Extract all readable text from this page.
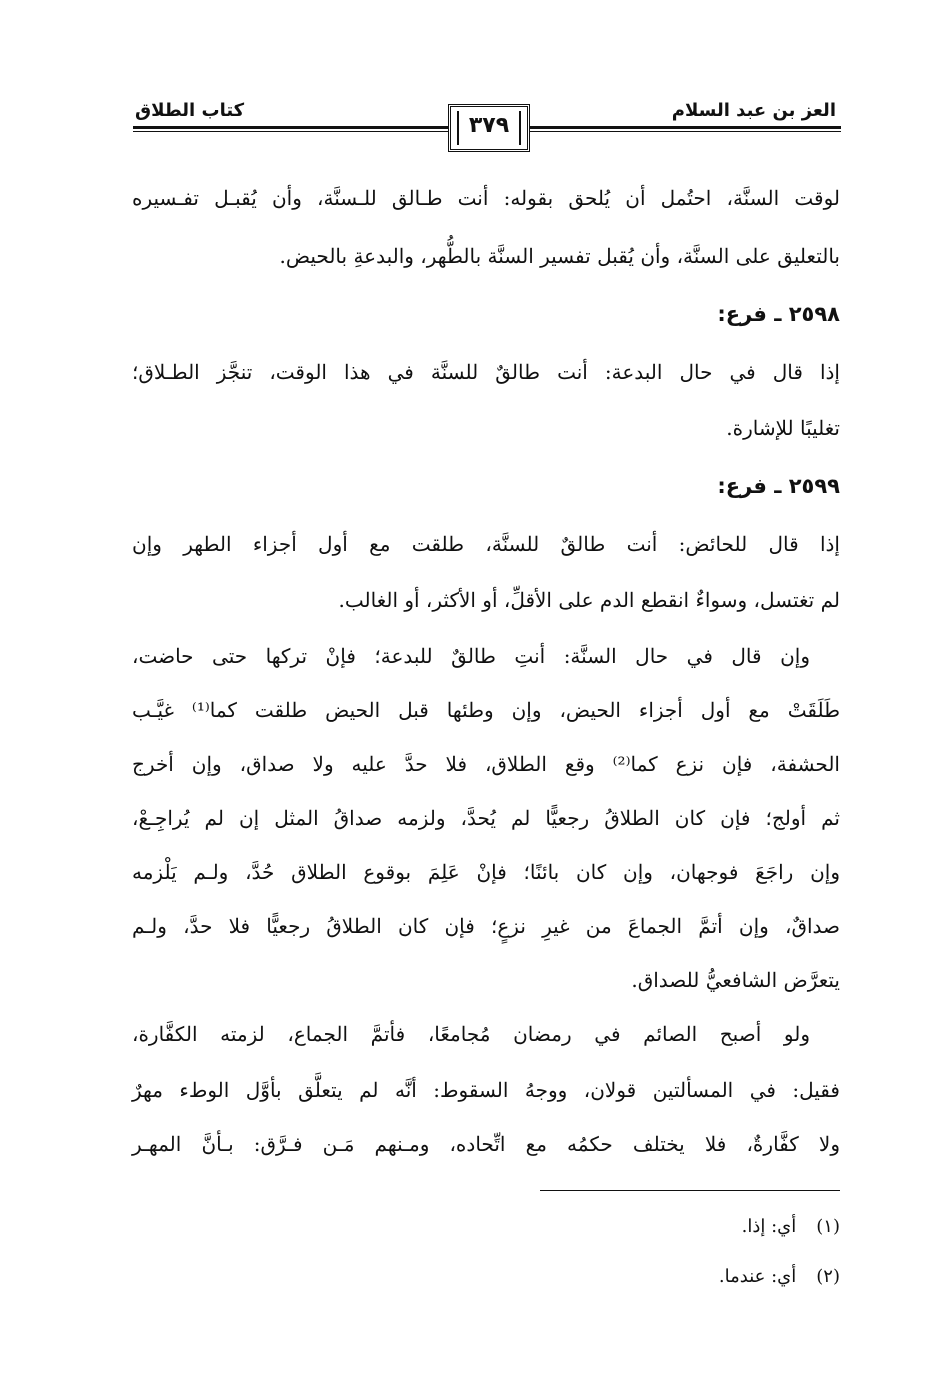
العز بن عبد السلام
كتاب الطلاق
٣٧٩
لوقت السنَّة، احتُمل أن يُلحق بقوله: أنت طـالق للـسنَّة، وأن يُقبـل تفـسيره
بالتعليق على السنَّة، وأن يُقبل تفسير السنَّة بالطُّهر، والبدعةِ بالحيض.
٢٥٩٨ ـ فرع:
إذا قال في حال البدعة: أنت طالقٌ للسنَّة في هذا الوقت، تنجَّز الطـلاق؛
تغليبًا للإشارة.
٢٥٩٩ ـ فرع:
إذا قال للحائض: أنت طالقٌ للسنَّة، طلقت مع أول أجزاء الطهر وإن
لم تغتسل، وسواءٌ انقطع الدم على الأقلِّ، أو الأكثر، أو الغالب.
وإن قال في حال السنَّة: أنتِ طالقٌ للبدعة؛ فإنْ تركها حتى حاضت،
طَلَقَتْ مع أول أجزاء الحيض، وإن وطئها قبل الحيض طلقت كما⁽¹⁾ غيَّـب
الحشفة، فإن نزع كما⁽²⁾ وقع الطلاق، فلا حدَّ عليه ولا صداق، وإن أخرج
ثم أولج؛ فإن كان الطلاقُ رجعيًّا لم يُحدَّ، ولزمه صداقُ المثل إن لم يُراجِـعْ،
وإن راجَعَ فوجهان، وإن كان بائنًا؛ فإنْ عَلِمَ بوقوع الطلاق حُدَّ، ولـم يَلْزمه
صداقٌ، وإن أتمَّ الجماعَ من غيرِ نزعٍ؛ فإن كان الطلاقُ رجعيًّا فلا حدَّ، ولـم
يتعرَّض الشافعيُّ للصداق.
ولو أصبح الصائم في رمضان مُجامعًا، فأتمَّ الجماع، لزمته الكفَّارة،
فقيل: في المسألتين قولان، ووجهُ السقوط: أنَّه لم يتعلَّق بأوَّل الوطء مهرٌ
ولا كفَّارةٌ، فلا يختلف حكمُه مع اتِّحاده، ومـنهم مَـن فـرَّق: بـأنَّ المهـر
(١) أي: إذا.
(٢) أي: عندما.
